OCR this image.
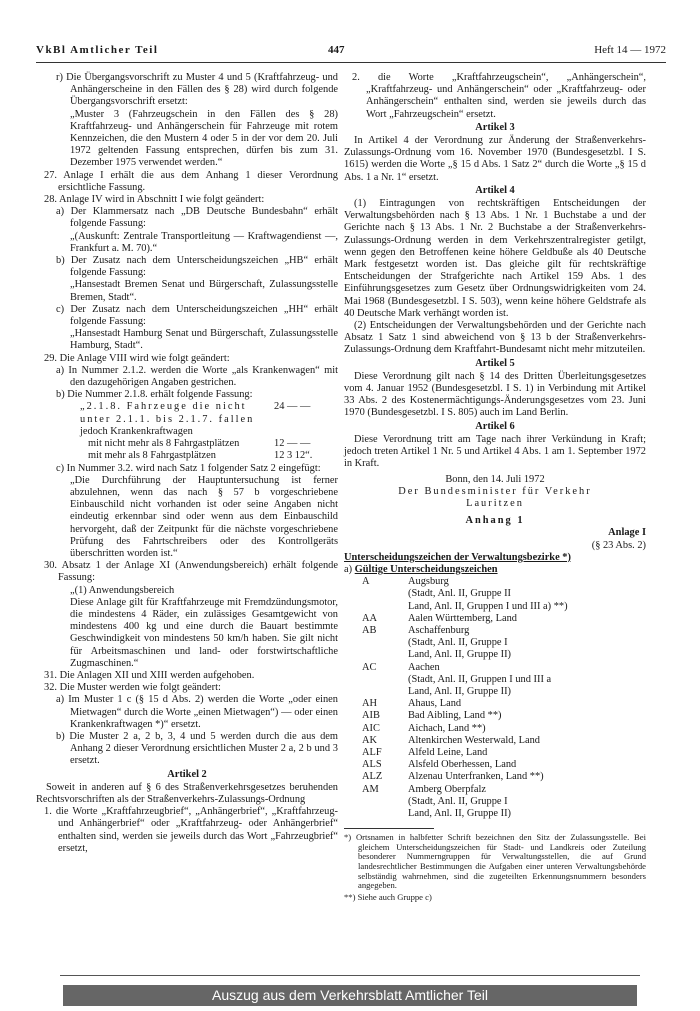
VkBl Amtlicher Teil	447	Heft 14 — 1972

r) Die Übergangsvorschrift zu Muster 4 und 5 (Kraftfahrzeug- und Anhängerscheine in den Fällen des § 28) wird durch folgende Übergangsvorschrift ersetzt:

„Muster 3 (Fahrzeugschein in den Fällen des § 28) Kraftfahrzeug- und Anhängerschein für Fahrzeuge mit rotem Kennzeichen, die den Mustern 4 oder 5 in der vor dem 20. Juli 1972 geltenden Fassung entsprechen, dürfen bis zum 31. Dezember 1975 verwendet werden.“

27. Anlage I erhält die aus dem Anhang 1 dieser Verordnung ersichtliche Fassung.

28. Anlage IV wird in Abschnitt I wie folgt geändert:

a) Der Klammersatz nach „DB Deutsche Bundesbahn“ erhält folgende Fassung:

„(Auskunft: Zentrale Transportleitung — Kraftwagendienst —, Frankfurt a. M. 70).“

b) Der Zusatz nach dem Unterscheidungszeichen „HB“ erhält folgende Fassung:

„Hansestadt Bremen Senat und Bürgerschaft, Zulassungsstelle Bremen, Stadt“.

c) Der Zusatz nach dem Unterscheidungszeichen „HH“ erhält folgende Fassung:

„Hansestadt Hamburg Senat und Bürgerschaft, Zulassungsstelle Hamburg, Stadt“.

29. Die Anlage VIII wird wie folgt geändert:

a) In Nummer 2.1.2. werden die Worte „als Krankenwagen“ mit den dazugehörigen Angaben gestrichen.

b) Die Nummer 2.1.8. erhält folgende Fassung:

„2.1.8. Fahrzeuge die nicht unter 2.1.1. bis 2.1.7. fallen
24 — —
jedoch Krankenkraftwagen
mit nicht mehr als 8 Fahrgastplätzen	12 — —
mit mehr als 8 Fahrgastplätzen	12 3 12“.

c) In Nummer 3.2. wird nach Satz 1 folgender Satz 2 eingefügt:

„Die Durchführung der Hauptuntersuchung ist ferner abzulehnen, wenn das nach § 57 b vorgeschriebene Einbauschild nicht vorhanden ist oder seine Angaben nicht eindeutig erkennbar sind oder wenn aus dem Einbauschild hervorgeht, daß der Zeitpunkt für die nächste vorgeschriebene Prüfung des Fahrtschreibers oder des Kontrollgeräts überschritten worden ist.“

30. Absatz 1 der Anlage XI (Anwendungsbereich) erhält folgende Fassung:

„(1) Anwendungsbereich

Diese Anlage gilt für Kraftfahrzeuge mit Fremdzündungsmotor, die mindestens 4 Räder, ein zulässiges Gesamtgewicht von mindestens 400 kg und eine durch die Bauart bestimmte Geschwindigkeit von mindestens 50 km/h haben. Sie gilt nicht für Arbeitsmaschinen und land- oder forstwirtschaftliche Zugmaschinen.“

31. Die Anlagen XII und XIII werden aufgehoben.

32. Die Muster werden wie folgt geändert:

a) Im Muster 1 c (§ 15 d Abs. 2) werden die Worte „oder einen Mietwagen“ durch die Worte „einen Mietwagen“) — oder einen Krankenkraftwagen *)“ ersetzt.

b) Die Muster 2 a, 2 b, 3, 4 und 5 werden durch die aus dem Anhang 2 dieser Verordnung ersichtlichen Muster 2 a, 2 b und 3 ersetzt.

Artikel 2

Soweit in anderen auf § 6 des Straßenverkehrsgesetzes beruhenden Rechtsvorschriften als der Straßenverkehrs-Zulassungs-Ordnung

1. die Worte „Kraftfahrzeugbrief“, „Anhängerbrief“, „Kraftfahrzeug- und Anhängerbrief“ oder „Kraftfahrzeug- oder Anhängerbrief“ enthalten sind, werden sie jeweils durch das Wort „Fahrzeugbrief“ ersetzt,

2. die Worte „Kraftfahrzeugschein“, „Anhängerschein“, „Kraftfahrzeug- und Anhängerschein“ oder „Kraftfahrzeug- oder Anhängerschein“ enthalten sind, werden sie jeweils durch das Wort „Fahrzeugschein“ ersetzt.

Artikel 3

In Artikel 4 der Verordnung zur Änderung der Straßenverkehrs-Zulassungs-Ordnung vom 16. November 1970 (Bundesgesetzbl. I S. 1615) werden die Worte „§ 15 d Abs. 1 Satz 2“ durch die Worte „§ 15 d Abs. 1 a Nr. 1“ ersetzt.

Artikel 4

(1) Eintragungen von rechtskräftigen Entscheidungen der Verwaltungsbehörden nach § 13 Abs. 1 Nr. 1 Buchstabe a und der Gerichte nach § 13 Abs. 1 Nr. 2 Buchstabe a der Straßenverkehrs-Zulassungs-Ordnung werden in dem Verkehrszentralregister getilgt, wenn gegen den Betroffenen keine höhere Geldbuße als 40 Deutsche Mark festgesetzt worden ist. Das gleiche gilt für rechtskräftige Entscheidungen der Strafgerichte nach Artikel 159 Abs. 1 des Einführungsgesetzes zum Gesetz über Ordnungswidrigkeiten vom 24. Mai 1968 (Bundesgesetzbl. I S. 503), wenn keine höhere Geldstrafe als 40 Deutsche Mark verhängt worden ist.

(2) Entscheidungen der Verwaltungsbehörden und der Gerichte nach Absatz 1 Satz 1 sind abweichend von § 13 b der Straßenverkehrs-Zulassungs-Ordnung dem Kraftfahrt-Bundesamt nicht mehr mitzuteilen.

Artikel 5

Diese Verordnung gilt nach § 14 des Dritten Überleitungsgesetzes vom 4. Januar 1952 (Bundesgesetzbl. I S. 1) in Verbindung mit Artikel 33 Abs. 2 des Kostenermächtigungs-Änderungsgesetzes vom 23. Juni 1970 (Bundesgesetzbl. I S. 805) auch im Land Berlin.

Artikel 6

Diese Verordnung tritt am Tage nach ihrer Verkündung in Kraft; jedoch treten Artikel 1 Nr. 5 und Artikel 4 Abs. 1 am 1. September 1972 in Kraft.

Bonn, den 14. Juli 1972

Der Bundesminister für Verkehr

Lauritzen

Anhang 1

Anlage I

(§ 23 Abs. 2)

Unterscheidungszeichen der Verwaltungsbezirke *)

a) Gültige Unterscheidungszeichen

A	Augsburg
(Stadt, Anl. II, Gruppe II
Land, Anl. II, Gruppen I und III a) **)
AA	Aalen Württemberg, Land
AB	Aschaffenburg
(Stadt, Anl. II, Gruppe I
Land, Anl. II, Gruppe II)
AC	Aachen
(Stadt, Anl. II, Gruppen I und III a
Land, Anl. II, Gruppe II)
AH	Ahaus, Land
AIB	Bad Aibling, Land **)
AIC	Aichach, Land **)
AK	Altenkirchen Westerwald, Land
ALF	Alfeld Leine, Land
ALS	Alsfeld Oberhessen, Land
ALZ	Alzenau Unterfranken, Land **)
AM	Amberg Oberpfalz
(Stadt, Anl. II, Gruppe I
Land, Anl. II, Gruppe II)

*) Ortsnamen in halbfetter Schrift bezeichnen den Sitz der Zulassungsstelle. Bei gleichem Unterscheidungszeichen für Stadt- und Landkreis oder Zuteilung besonderer Nummerngruppen für Verwaltungsstellen, die auf Grund landesrechtlicher Bestimmungen die Aufgaben einer unteren Verwaltungsbehörde selbständig wahrnehmen, sind die zugeteilten Erkennungsnummern besonders angegeben.

**) Siehe auch Gruppe c)

Auszug aus dem Verkehrsblatt Amtlicher Teil
